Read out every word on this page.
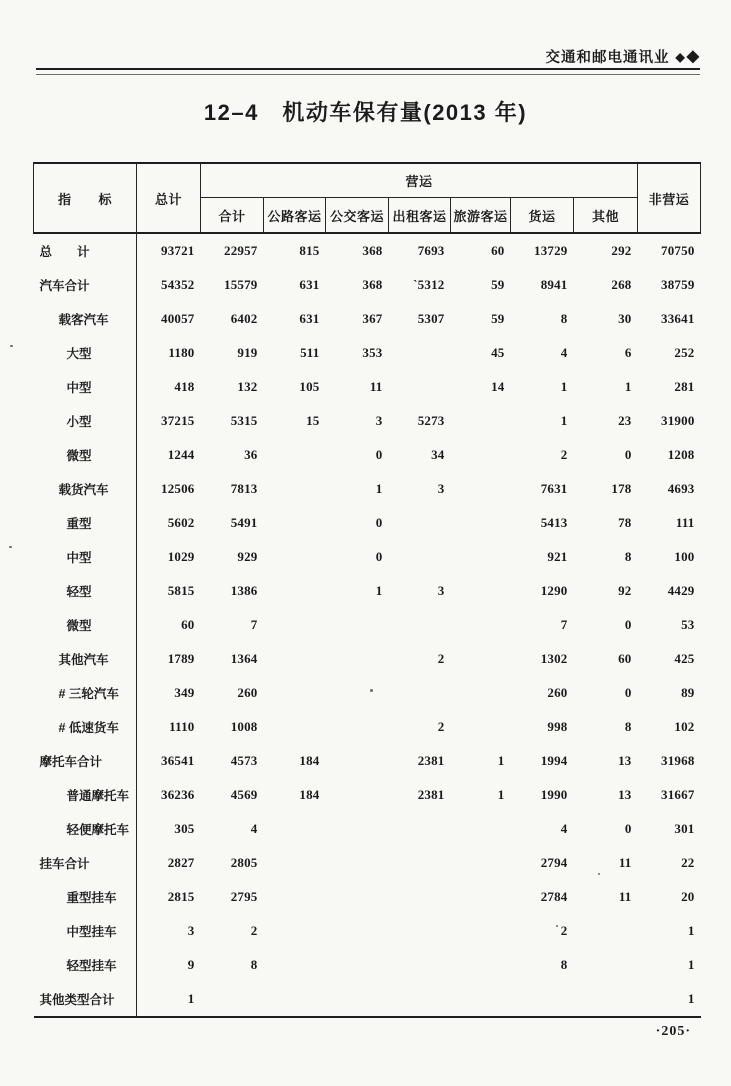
交通和邮电通讯业 ◆ ◆
12–4　机动车保有量(2013 年)
指　　标	总计	营运							非营运
		合计	公路客运	公交客运	出租客运	旅游客运	货运	其他	
总　　计	93721	22957	815	368	7693	60	13729	292	70750
汽车合计	54352	15579	631	368	`5312	59	8941	268	38759
载客汽车	40057	6402	631	367	5307	59	8	30	33641
大型	1180	919	511	353		45	4	6	252
中型	418	132	105	11		14	1	1	281
小型	37215	5315	15	3	5273		1	23	31900
微型	1244	36		0	34		2	0	1208
载货汽车	12506	7813		1	3		7631	178	4693
重型	5602	5491		0			5413	78	111
中型	1029	929		0			921	8	100
轻型	5815	1386		1	3		1290	92	4429
微型	60	7					7	0	53
其他汽车	1789	1364			2		1302	60	425
# 三轮汽车	349	260					260	0	89
# 低速货车	1110	1008			2		998	8	102
摩托车合计	36541	4573	184		2381	1	1994	13	31968
普通摩托车	36236	4569	184		2381	1	1990	13	31667
轻便摩托车	305	4					4	0	301
挂车合计	2827	2805					2794	11	22
重型挂车	2815	2795					2784	11	20
中型挂车	3	2					2		1
轻型挂车	9	8					8		1
其他类型合计	1								1
·205·
